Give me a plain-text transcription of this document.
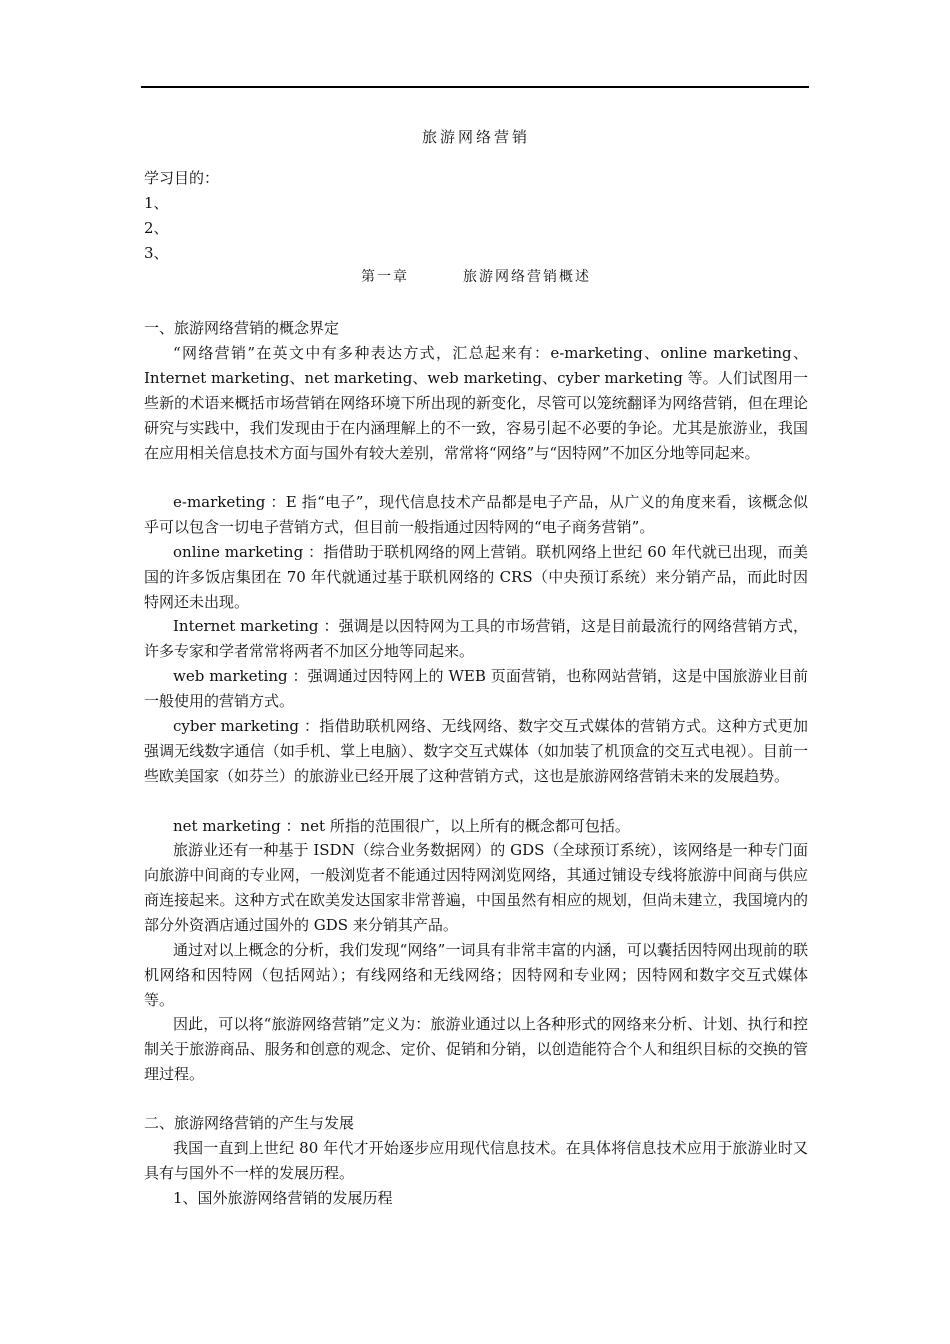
旅游网络营销
学习目的：
1、
2、
3、
第一章	旅游网络营销概述
一、旅游网络营销的概念界定
“网络营销”在英文中有多种表达方式，汇总起来有：e-marketing、online marketing、Internet marketing、net marketing、web marketing、cyber marketing 等。人们试图用一些新的术语来概括市场营销在网络环境下所出现的新变化，尽管可以笼统翻译为网络营销，但在理论研究与实践中，我们发现由于在内涵理解上的不一致，容易引起不必要的争论。尤其是旅游业，我国在应用相关信息技术方面与国外有较大差别，常常将“网络”与“因特网”不加区分地等同起来。
e-marketing ：E 指“电子”，现代信息技术产品都是电子产品，从广义的角度来看，该概念似乎可以包含一切电子营销方式，但目前一般指通过因特网的“电子商务营销”。
online marketing ：指借助于联机网络的网上营销。联机网络上世纪 60 年代就已出现，而美国的许多饭店集团在 70 年代就通过基于联机网络的 CRS（中央预订系统）来分销产品，而此时因特网还未出现。
Internet marketing ：强调是以因特网为工具的市场营销，这是目前最流行的网络营销方式，许多专家和学者常常将两者不加区分地等同起来。
web marketing ：强调通过因特网上的 WEB 页面营销，也称网站营销，这是中国旅游业目前一般使用的营销方式。
cyber marketing ：指借助联机网络、无线网络、数字交互式媒体的营销方式。这种方式更加强调无线数字通信（如手机、掌上电脑）、数字交互式媒体（如加装了机顶盒的交互式电视）。目前一些欧美国家（如芬兰）的旅游业已经开展了这种营销方式，这也是旅游网络营销未来的发展趋势。
net marketing ：net 所指的范围很广，以上所有的概念都可包括。
旅游业还有一种基于 ISDN（综合业务数据网）的 GDS（全球预订系统），该网络是一种专门面向旅游中间商的专业网，一般浏览者不能通过因特网浏览网络，其通过铺设专线将旅游中间商与供应商连接起来。这种方式在欧美发达国家非常普遍，中国虽然有相应的规划，但尚未建立，我国境内的部分外资酒店通过国外的 GDS 来分销其产品。
通过对以上概念的分析，我们发现“网络”一词具有非常丰富的内涵，可以囊括因特网出现前的联机网络和因特网（包括网站）；有线网络和无线网络；因特网和专业网；因特网和数字交互式媒体等。
因此，可以将“旅游网络营销”定义为：旅游业通过以上各种形式的网络来分析、计划、执行和控制关于旅游商品、服务和创意的观念、定价、促销和分销，以创造能符合个人和组织目标的交换的管理过程。
二、旅游网络营销的产生与发展
我国一直到上世纪 80 年代才开始逐步应用现代信息技术。在具体将信息技术应用于旅游业时又具有与国外不一样的发展历程。
1、国外旅游网络营销的发展历程
